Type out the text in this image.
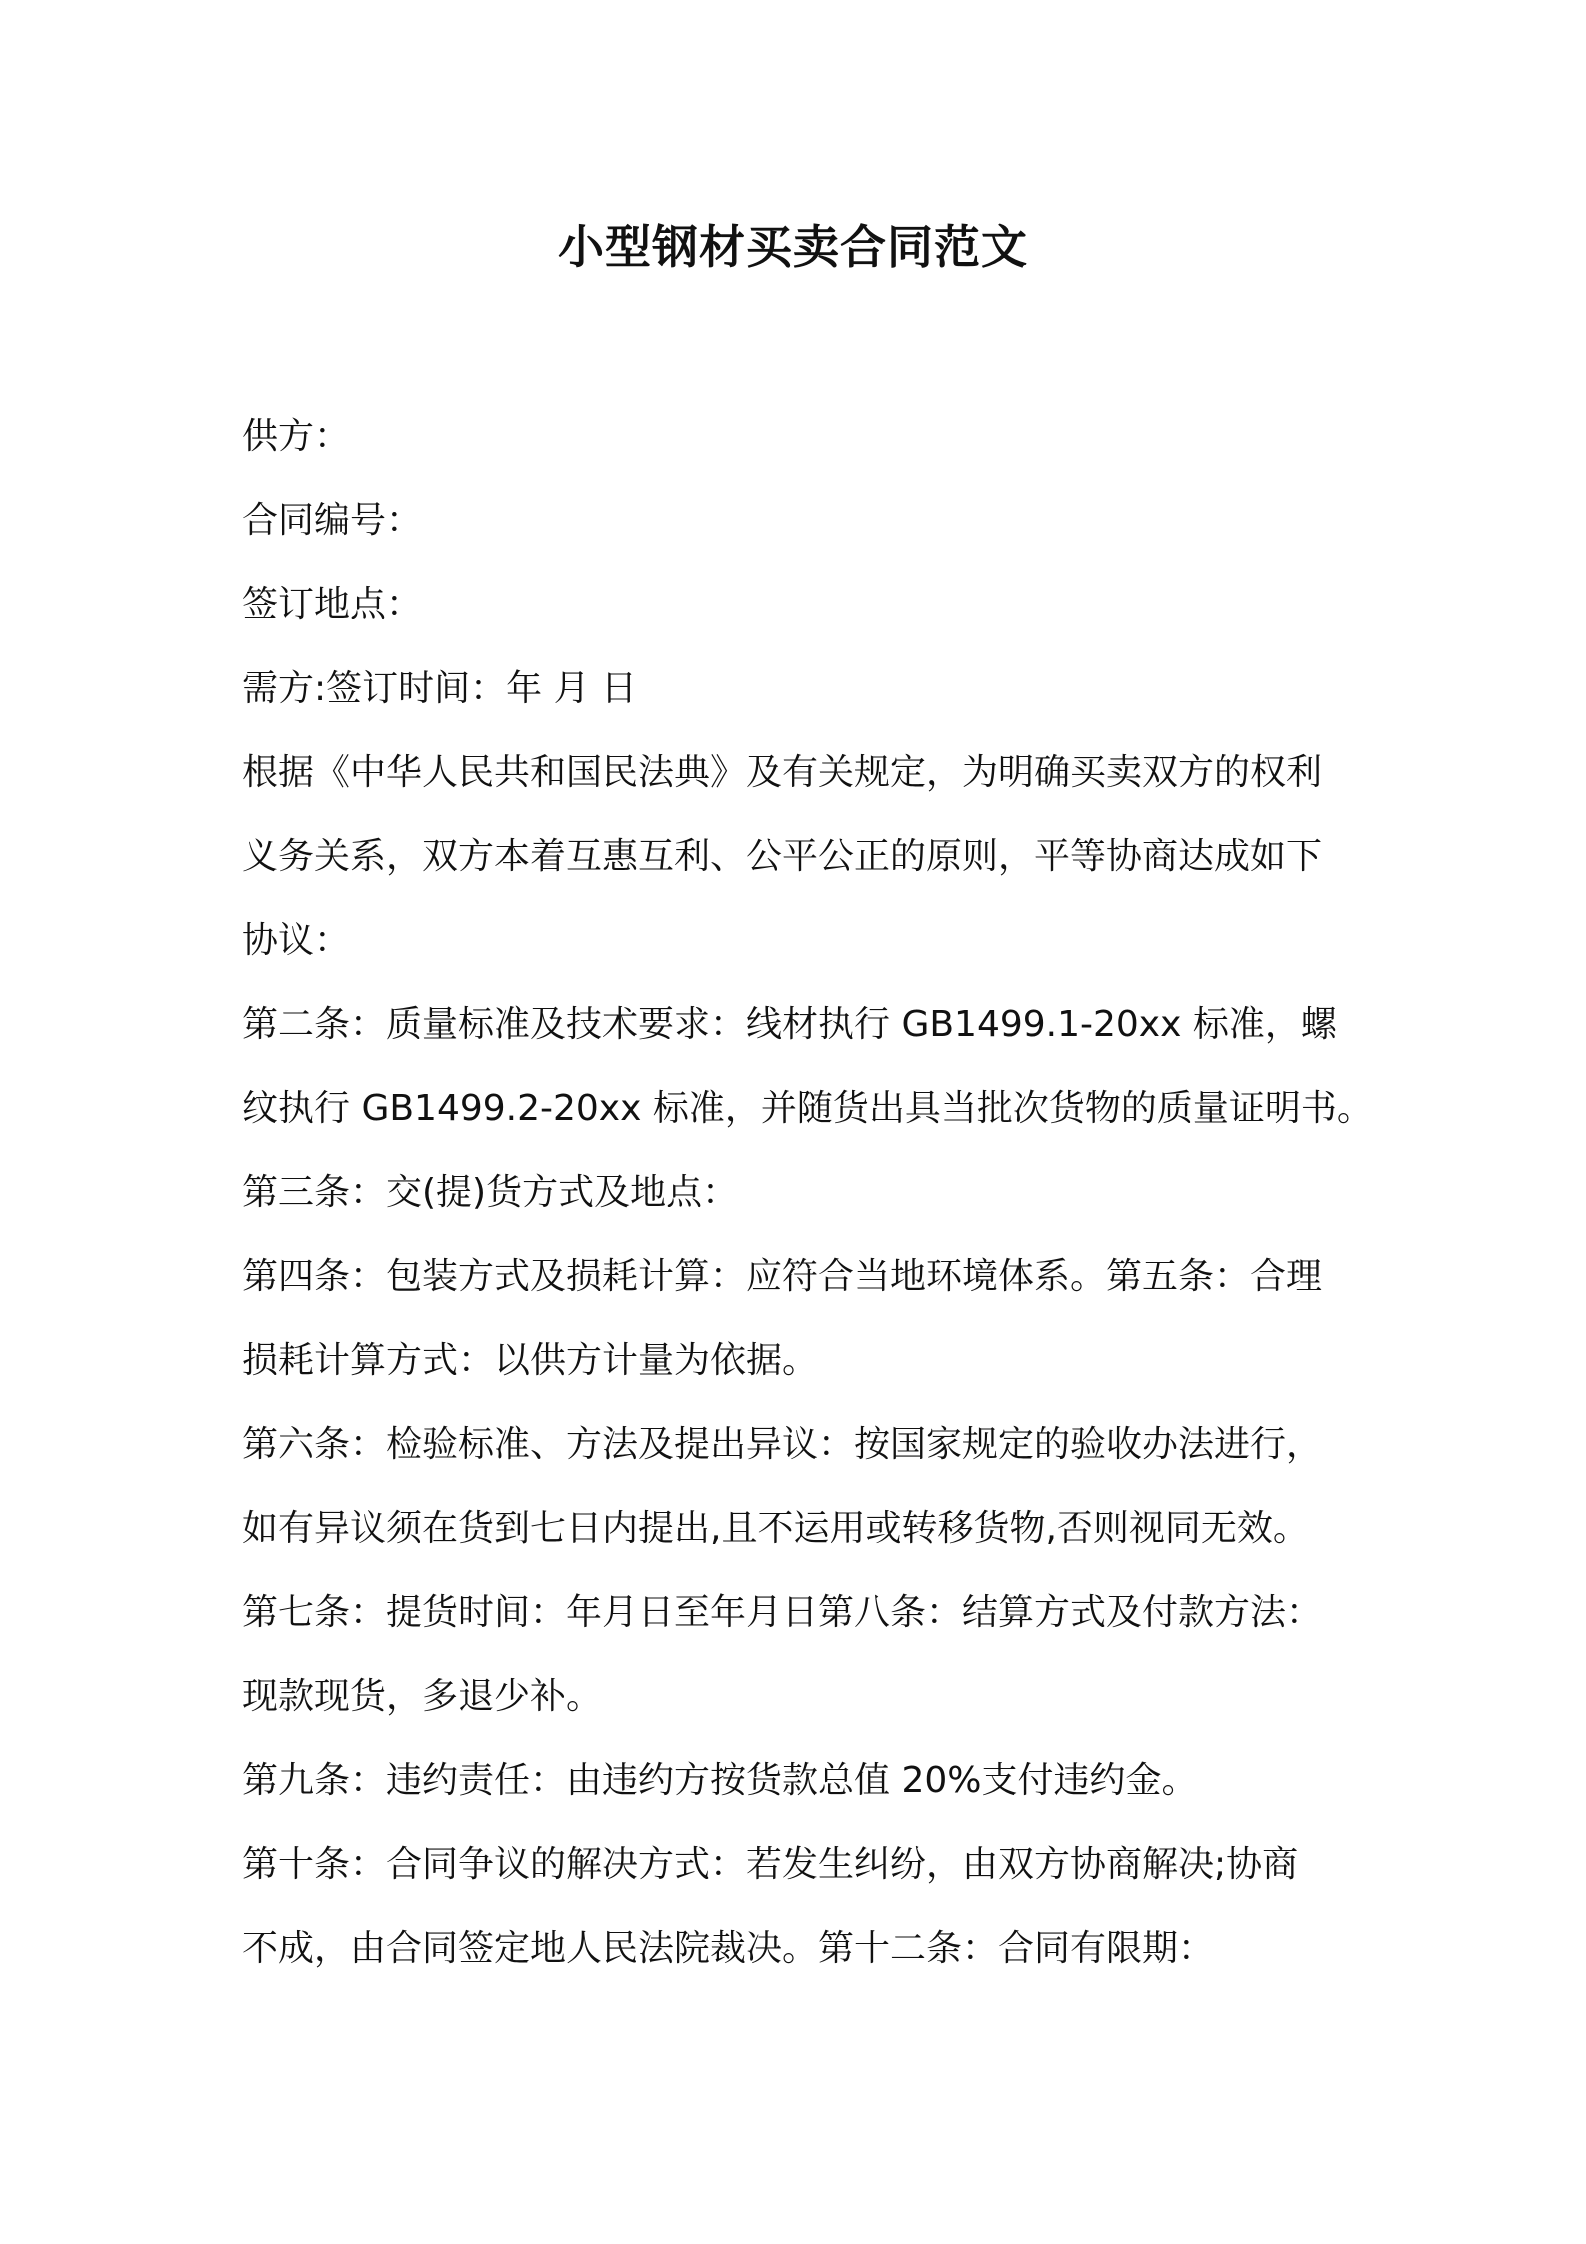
小型钢材买卖合同范文

供方：

合同编号：

签订地点：

需方:签订时间：年 月 日

根据《中华人民共和国民法典》及有关规定，为明确买卖双方的权利
义务关系，双方本着互惠互利、公平公正的原则，平等协商达成如下
协议：

第二条：质量标准及技术要求：线材执行 GB1499.1-20xx 标准，螺
纹执行 GB1499.2-20xx 标准，并随货出具当批次货物的质量证明书。

第三条：交(提)货方式及地点：

第四条：包装方式及损耗计算：应符合当地环境体系。第五条：合理
损耗计算方式：以供方计量为依据。

第六条：检验标准、方法及提出异议：按国家规定的验收办法进行，
如有异议须在货到七日内提出,且不运用或转移货物,否则视同无效。

第七条：提货时间：年月日至年月日第八条：结算方式及付款方法：
现款现货，多退少补。

第九条：违约责任：由违约方按货款总值 20%支付违约金。

第十条：合同争议的解决方式：若发生纠纷，由双方协商解决;协商
不成，由合同签定地人民法院裁决。第十二条：合同有限期：
